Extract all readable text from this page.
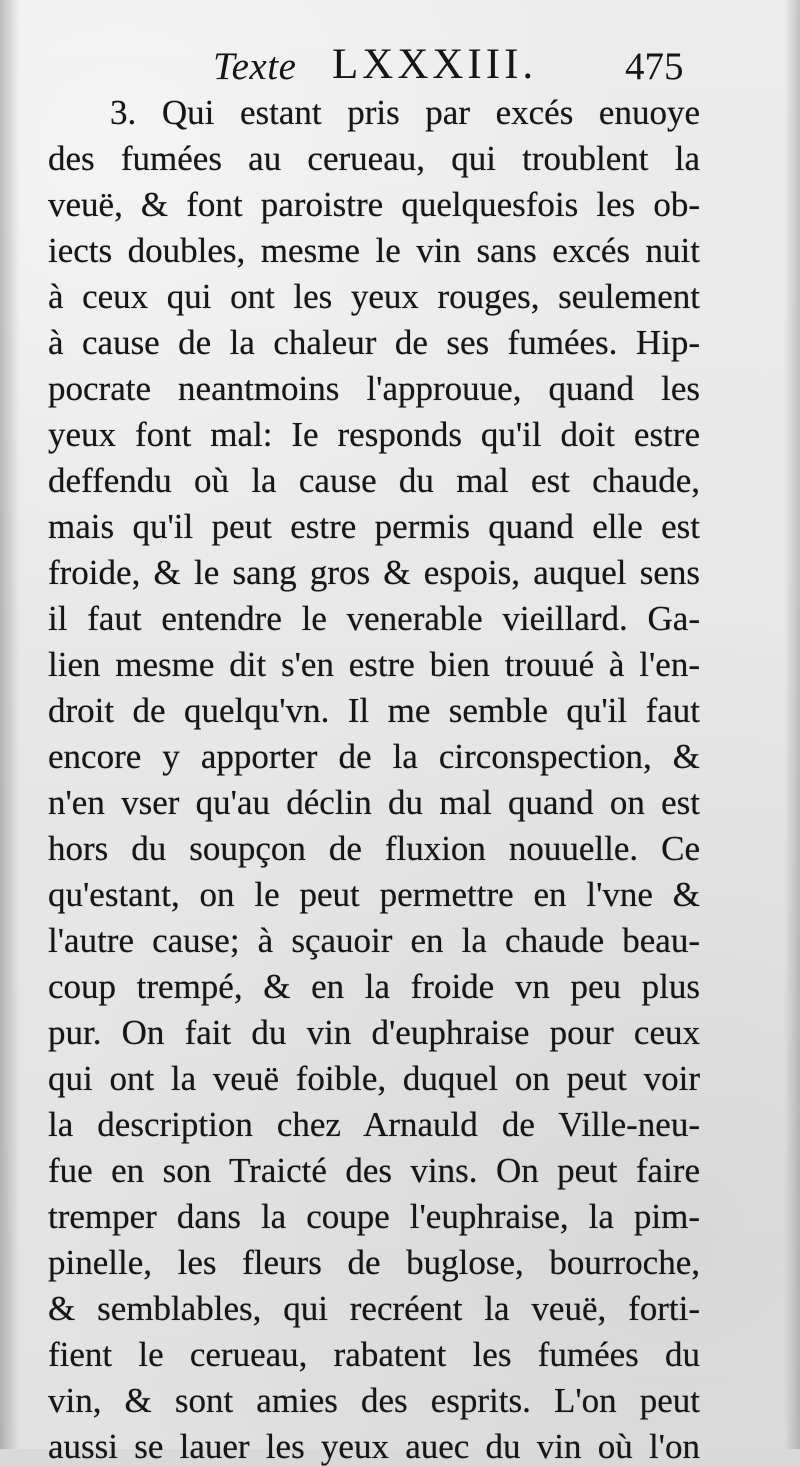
Texte LXXXIII. 475
3. Qui estant pris par excés enuoye
des fumées au cerueau, qui troublent la
veuë, & font paroistre quelquesfois les ob-
iects doubles, mesme le vin sans excés nuit
à ceux qui ont les yeux rouges, seulement
à cause de la chaleur de ses fumées. Hip-
pocrate neantmoins l'approuue, quand les
yeux font mal: Ie responds qu'il doit estre
deffendu où la cause du mal est chaude,
mais qu'il peut estre permis quand elle est
froide, & le sang gros & espois, auquel sens
il faut entendre le venerable vieillard. Ga-
lien mesme dit s'en estre bien trouué à l'en-
droit de quelqu'vn. Il me semble qu'il faut
encore y apporter de la circonspection, &
n'en vser qu'au déclin du mal quand on est
hors du soupçon de fluxion nouuelle. Ce
qu'estant, on le peut permettre en l'vne &
l'autre cause; à sçauoir en la chaude beau-
coup trempé, & en la froide vn peu plus
pur. On fait du vin d'euphraise pour ceux
qui ont la veuë foible, duquel on peut voir
la description chez Arnauld de Ville-neu-
fue en son Traicté des vins. On peut faire
tremper dans la coupe l'euphraise, la pim-
pinelle, les fleurs de buglose, bourroche,
& semblables, qui recréent la veuë, forti-
fient le cerueau, rabatent les fumées du
vin, & sont amies des esprits. L'on peut
aussi se lauer les yeux auec du vin où l'on
